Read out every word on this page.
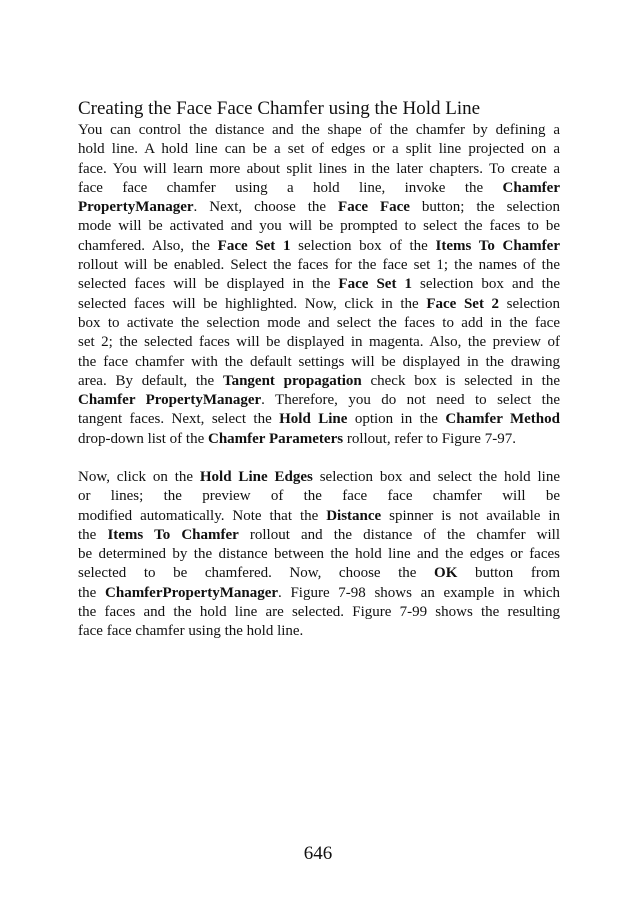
Creating the Face Face Chamfer using the Hold Line
You can control the distance and the shape of the chamfer by defining a
hold line. A hold line can be a set of edges or a split line projected on a
face. You will learn more about split lines in the later chapters. To create a
face face chamfer using a hold line, invoke the Chamfer
PropertyManager. Next, choose the Face Face button; the selection
mode will be activated and you will be prompted to select the faces to be
chamfered. Also, the Face Set 1 selection box of the Items To Chamfer
rollout will be enabled. Select the faces for the face set 1; the names of the
selected faces will be displayed in the Face Set 1 selection box and the
selected faces will be highlighted. Now, click in the Face Set 2 selection
box to activate the selection mode and select the faces to add in the face
set 2; the selected faces will be displayed in magenta. Also, the preview of
the face chamfer with the default settings will be displayed in the drawing
area. By default, the Tangent propagation check box is selected in the
Chamfer PropertyManager. Therefore, you do not need to select the
tangent faces. Next, select the Hold Line option in the Chamfer Method
drop-down list of the Chamfer Parameters rollout, refer to Figure 7-97.
Now, click on the Hold Line Edges selection box and select the hold line
or lines; the preview of the face face chamfer will be
modified automatically. Note that the Distance spinner is not available in
the Items To Chamfer rollout and the distance of the chamfer will
be determined by the distance between the hold line and the edges or faces
selected to be chamfered. Now, choose the OK button from
the ChamferPropertyManager. Figure 7-98 shows an example in which
the faces and the hold line are selected. Figure 7-99 shows the resulting
face face chamfer using the hold line.
646
